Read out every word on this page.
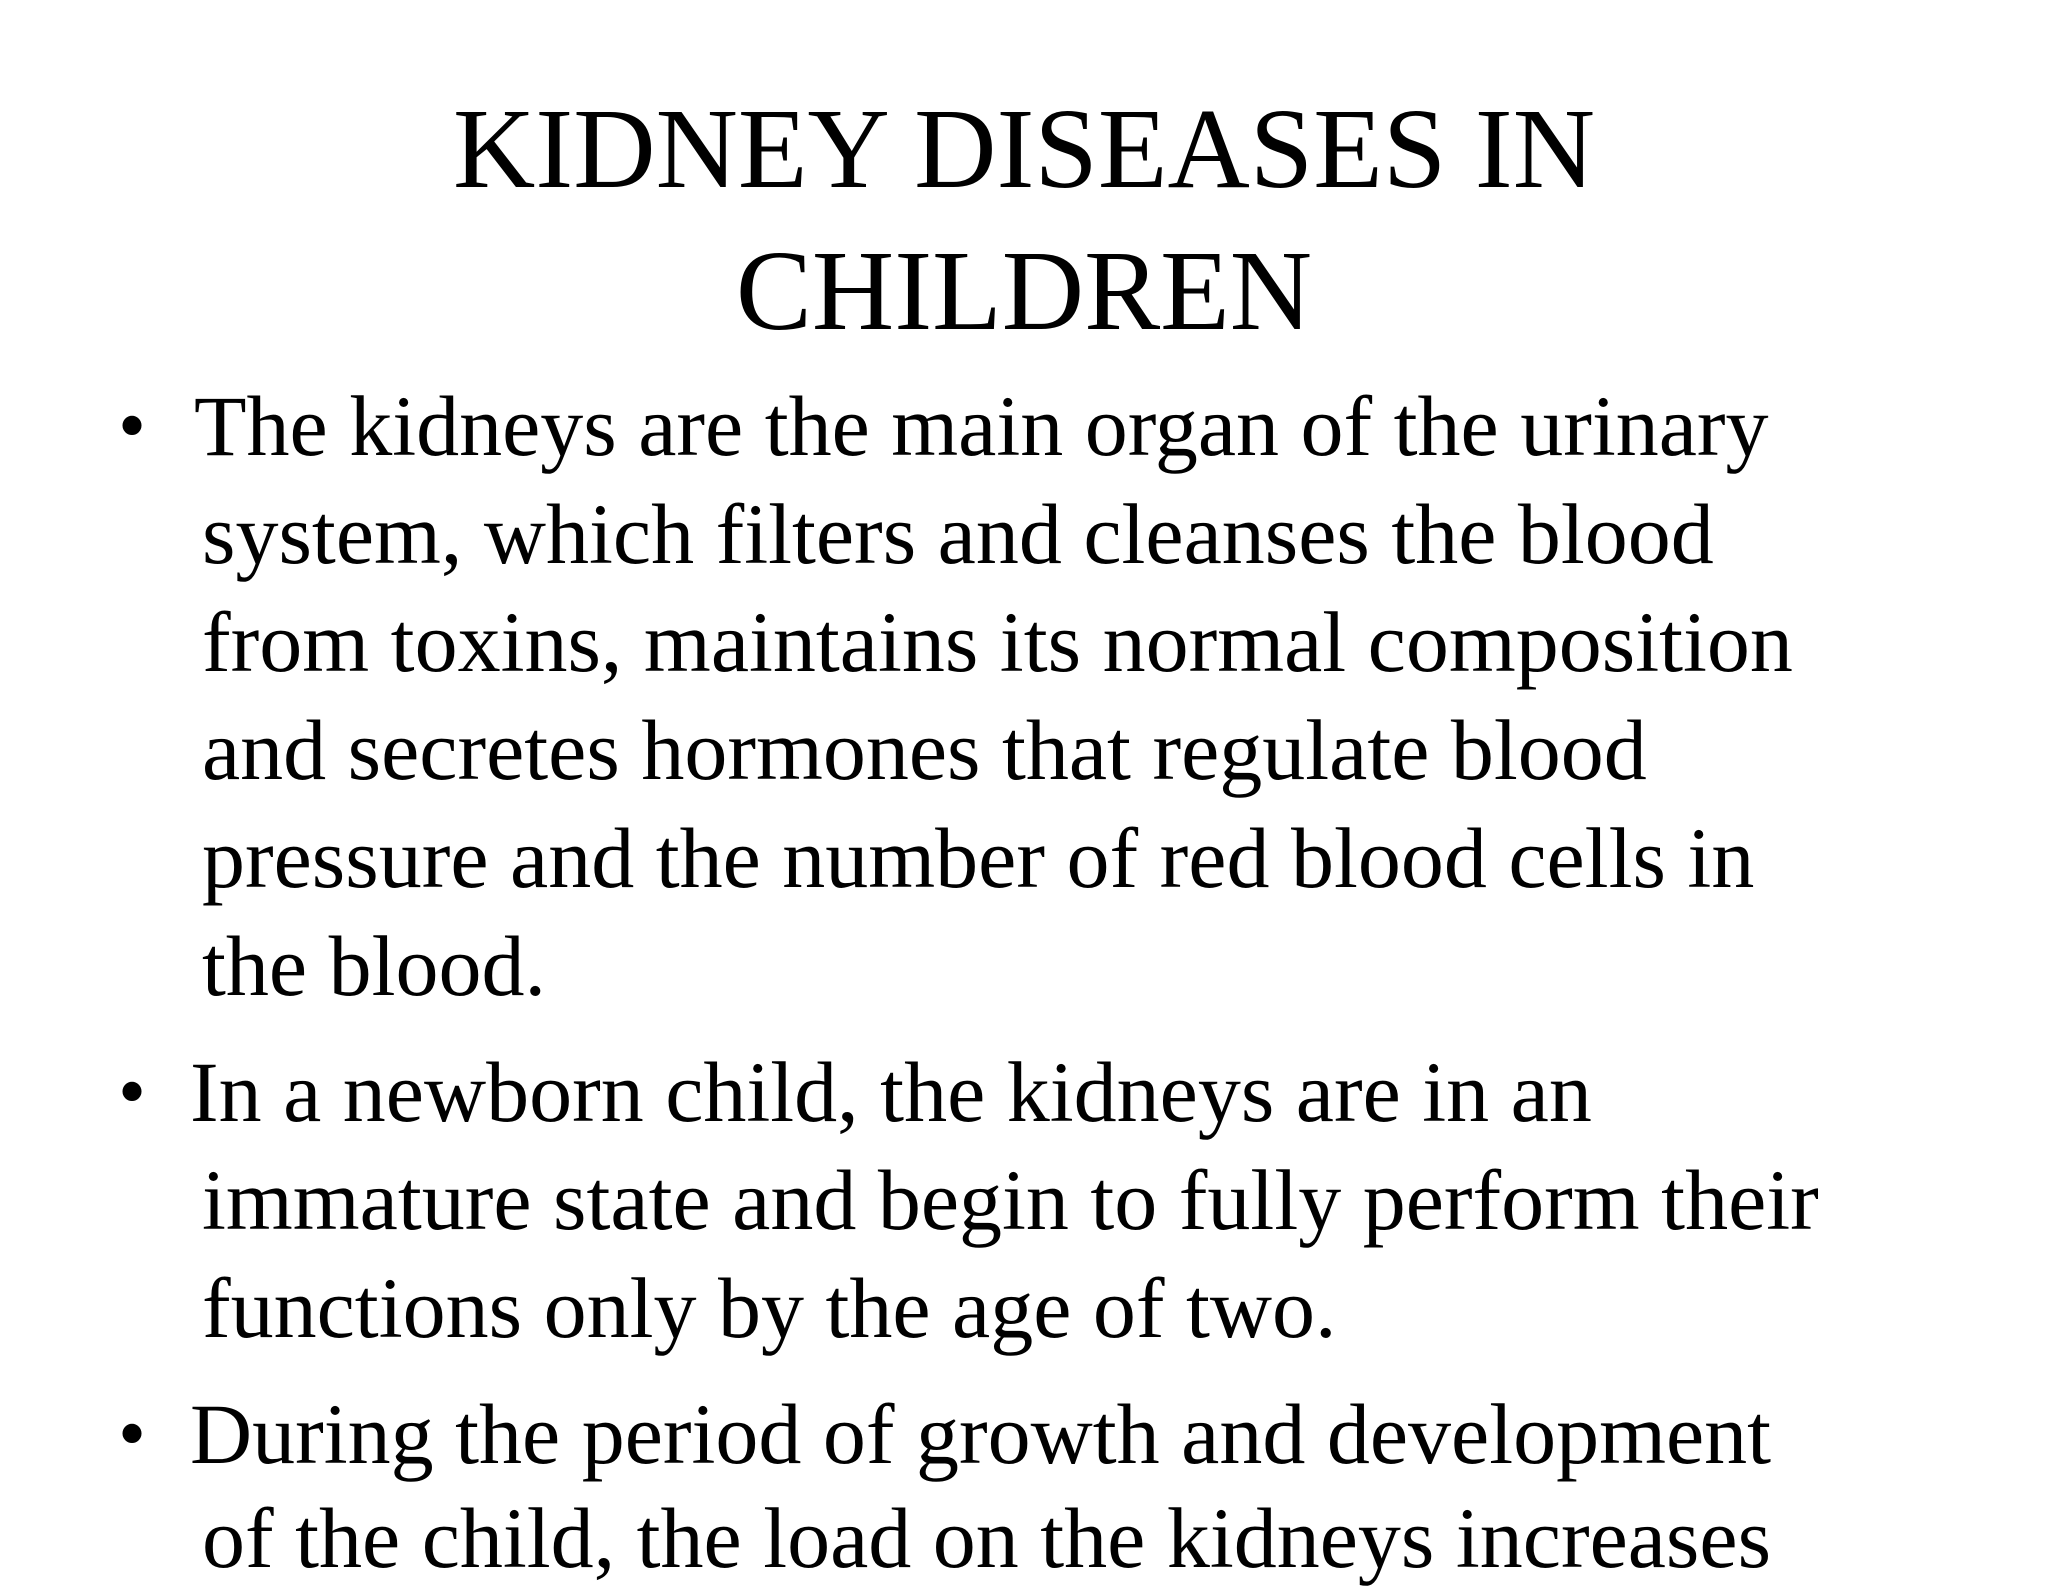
KIDNEY DISEASES IN
CHILDREN
• The kidneys are the main organ of the urinary
system, which filters and cleanses the blood
from toxins, maintains its normal composition
and secretes hormones that regulate blood
pressure and the number of red blood cells in
the blood.
• In a newborn child, the kidneys are in an
immature state and begin to fully perform their
functions only by the age of two.
• During the period of growth and development
of the child, the load on the kidneys increases
